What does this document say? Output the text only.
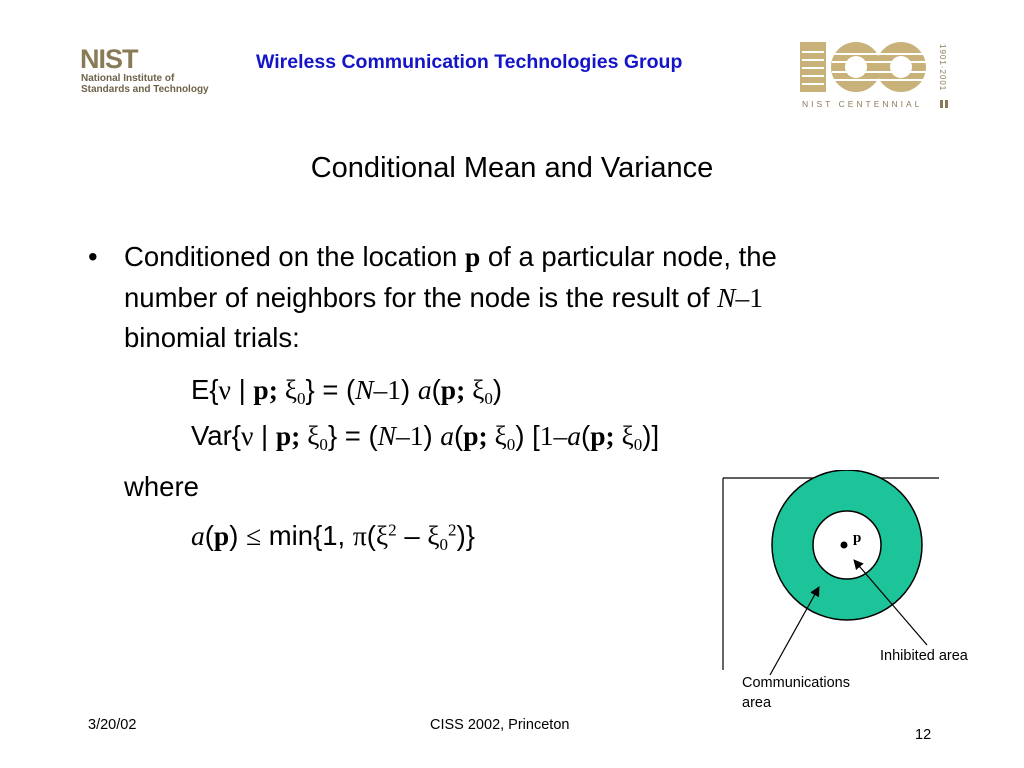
NIST
National Institute of
Standards and Technology
Wireless Communication Technologies Group	1901·2001
NIST CENTENNIAL
Conditional Mean and Variance
• Conditioned on the location p of a particular node, the
number of neighbors for the node is the result of N–1
binomial trials:
E{ν | p; $\xi_0\} = (N-1)$ a(p; $\xi_0$)
Var{ν | p; $\xi_0\} = (N-1)$ a(p; $\xi_0$) [1–a(p; $\xi_0$)]
where
a(p) ≤ min{1, $\pi(\xi^2 - \xi_0^2)$}	p
Inhibited area
Communications
area
3/20/02	CISS 2002, Princeton
12
